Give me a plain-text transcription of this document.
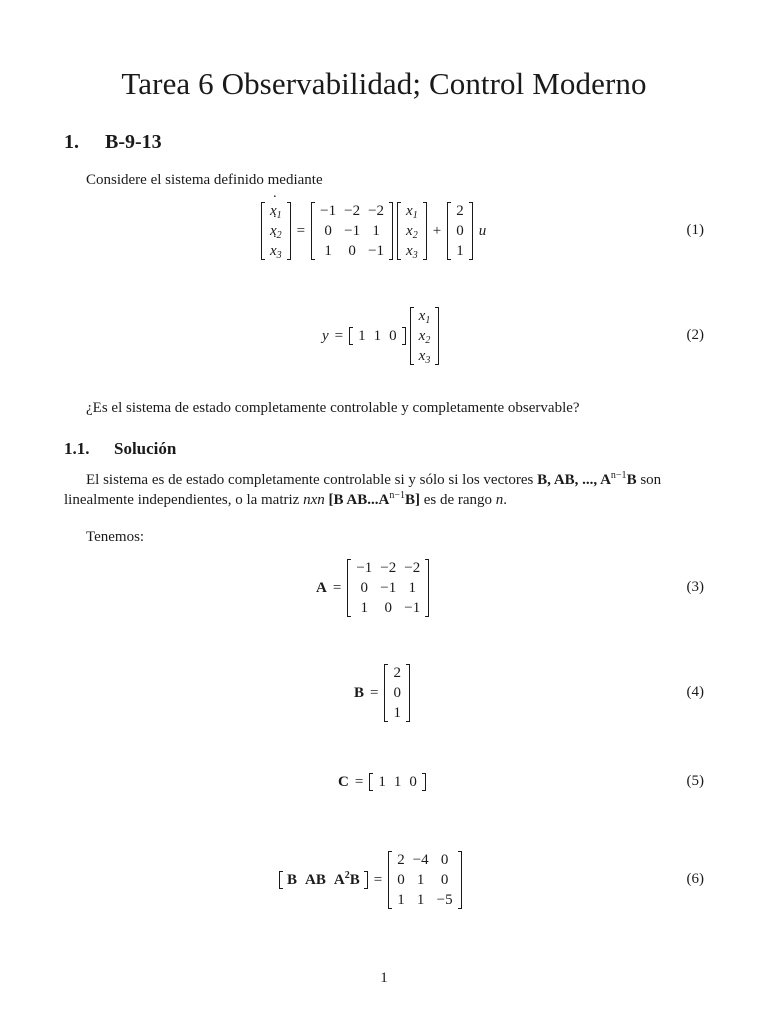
Tarea 6 Observabilidad; Control Moderno
1. B-9-13
Considere el sistema definido mediante
$x_1$ ˙
$x_2$ ˙
$x_3$ ˙
=
−1 −2 −2
0 −1 1
1	0 −1
$x_1$
$x_2$
$x_3$
+
2
0
1
u	(1)
y =	1 1 0
$x_1$
$x_2$
$x_3$
(2)
¿Es el sistema de estado completamente controlable y completamente observable?
1.1. Solución
El sistema es de estado completamente controlable si y sólo si los vectores B, AB, ..., $A^{n-1}B$ son
linealmente independientes, o la matriz nxn [B $AB...A^{n-1}B$] es de rango n.
Tenemos:
A =
−1 −2 −2
0 −1 1
1	0 −1
(3)
B =
2
0
1
(4)
C =	1 1 0	(5)
B AB $A^2B$ =
2 −4 0
0 1	0
1 1 −5
(6)
1
